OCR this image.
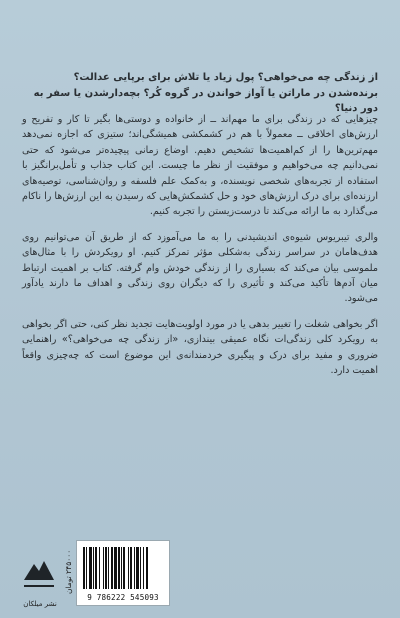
از زندگی چه می‌خواهی؟ پول زیاد یا تلاش برای برپایی عدالت؟
برنده‌شدن در ماراتن یا آواز خواندن در گروه کُر؟ بچه‌دارشدن یا سفر به دور دنیا؟

چیزهایی که در زندگی برای ما مهم‌اند ــ از خانواده و دوستی‌ها بگیر تا کار و تفریح و ارزش‌های اخلاقی ــ معمولاً با هم در کشمکشی همیشگی‌اند؛ ستیزی که اجازه نمی‌دهد مهم‌ترین‌ها را از کم‌اهمیت‌ها تشخیص دهیم. اوضاع زمانی پیچیده‌تر می‌شود که حتی نمی‌دانیم چه می‌خواهیم و موفقیت از نظر ما چیست. این کتاب جذاب و تأمل‌برانگیز با استفاده از تجربه‌های شخصی نویسنده، و به‌کمک علم فلسفه و روان‌شناسی، توصیه‌های ارزنده‌ای برای درک ارزش‌های خود و حل کشمکش‌هایی که رسیدن به این ارزش‌ها را ناکام می‌گذارد به ما ارائه می‌کند تا درست‌زیستن را تجربه کنیم.

والری تیبریوس شیوه‌ی اندیشیدنی را به ما می‌آموزد که از طریق آن می‌توانیم روی هدف‌هامان در سراسر زندگی به‌شکلی مؤثر تمرکز کنیم. او رویکردش را با مثال‌های ملموسی بیان می‌کند که بسیاری را از زندگی خودش وام گرفته. کتاب بر اهمیت ارتباط میان آدم‌ها تأکید می‌کند و تأثیری را که دیگران روی زندگی و اهداف ما دارند یادآور می‌شود.

اگر بخواهی شغلت را تغییر بدهی یا در مورد اولویت‌هایت تجدید نظر کنی، حتی اگر بخواهی به رویکرد کلی زندگی‌ات نگاه عمیقی بیندازی، «از زندگی چه می‌خواهی؟» راهنمایی ضروری و مفید برای درک و پیگیری خردمندانه‌ی این موضوع است که چه‌چیزی واقعاً اهمیت دارد.

نشر میلکان
۲۴۵۰۰۰ تومان
9 786222 545093
